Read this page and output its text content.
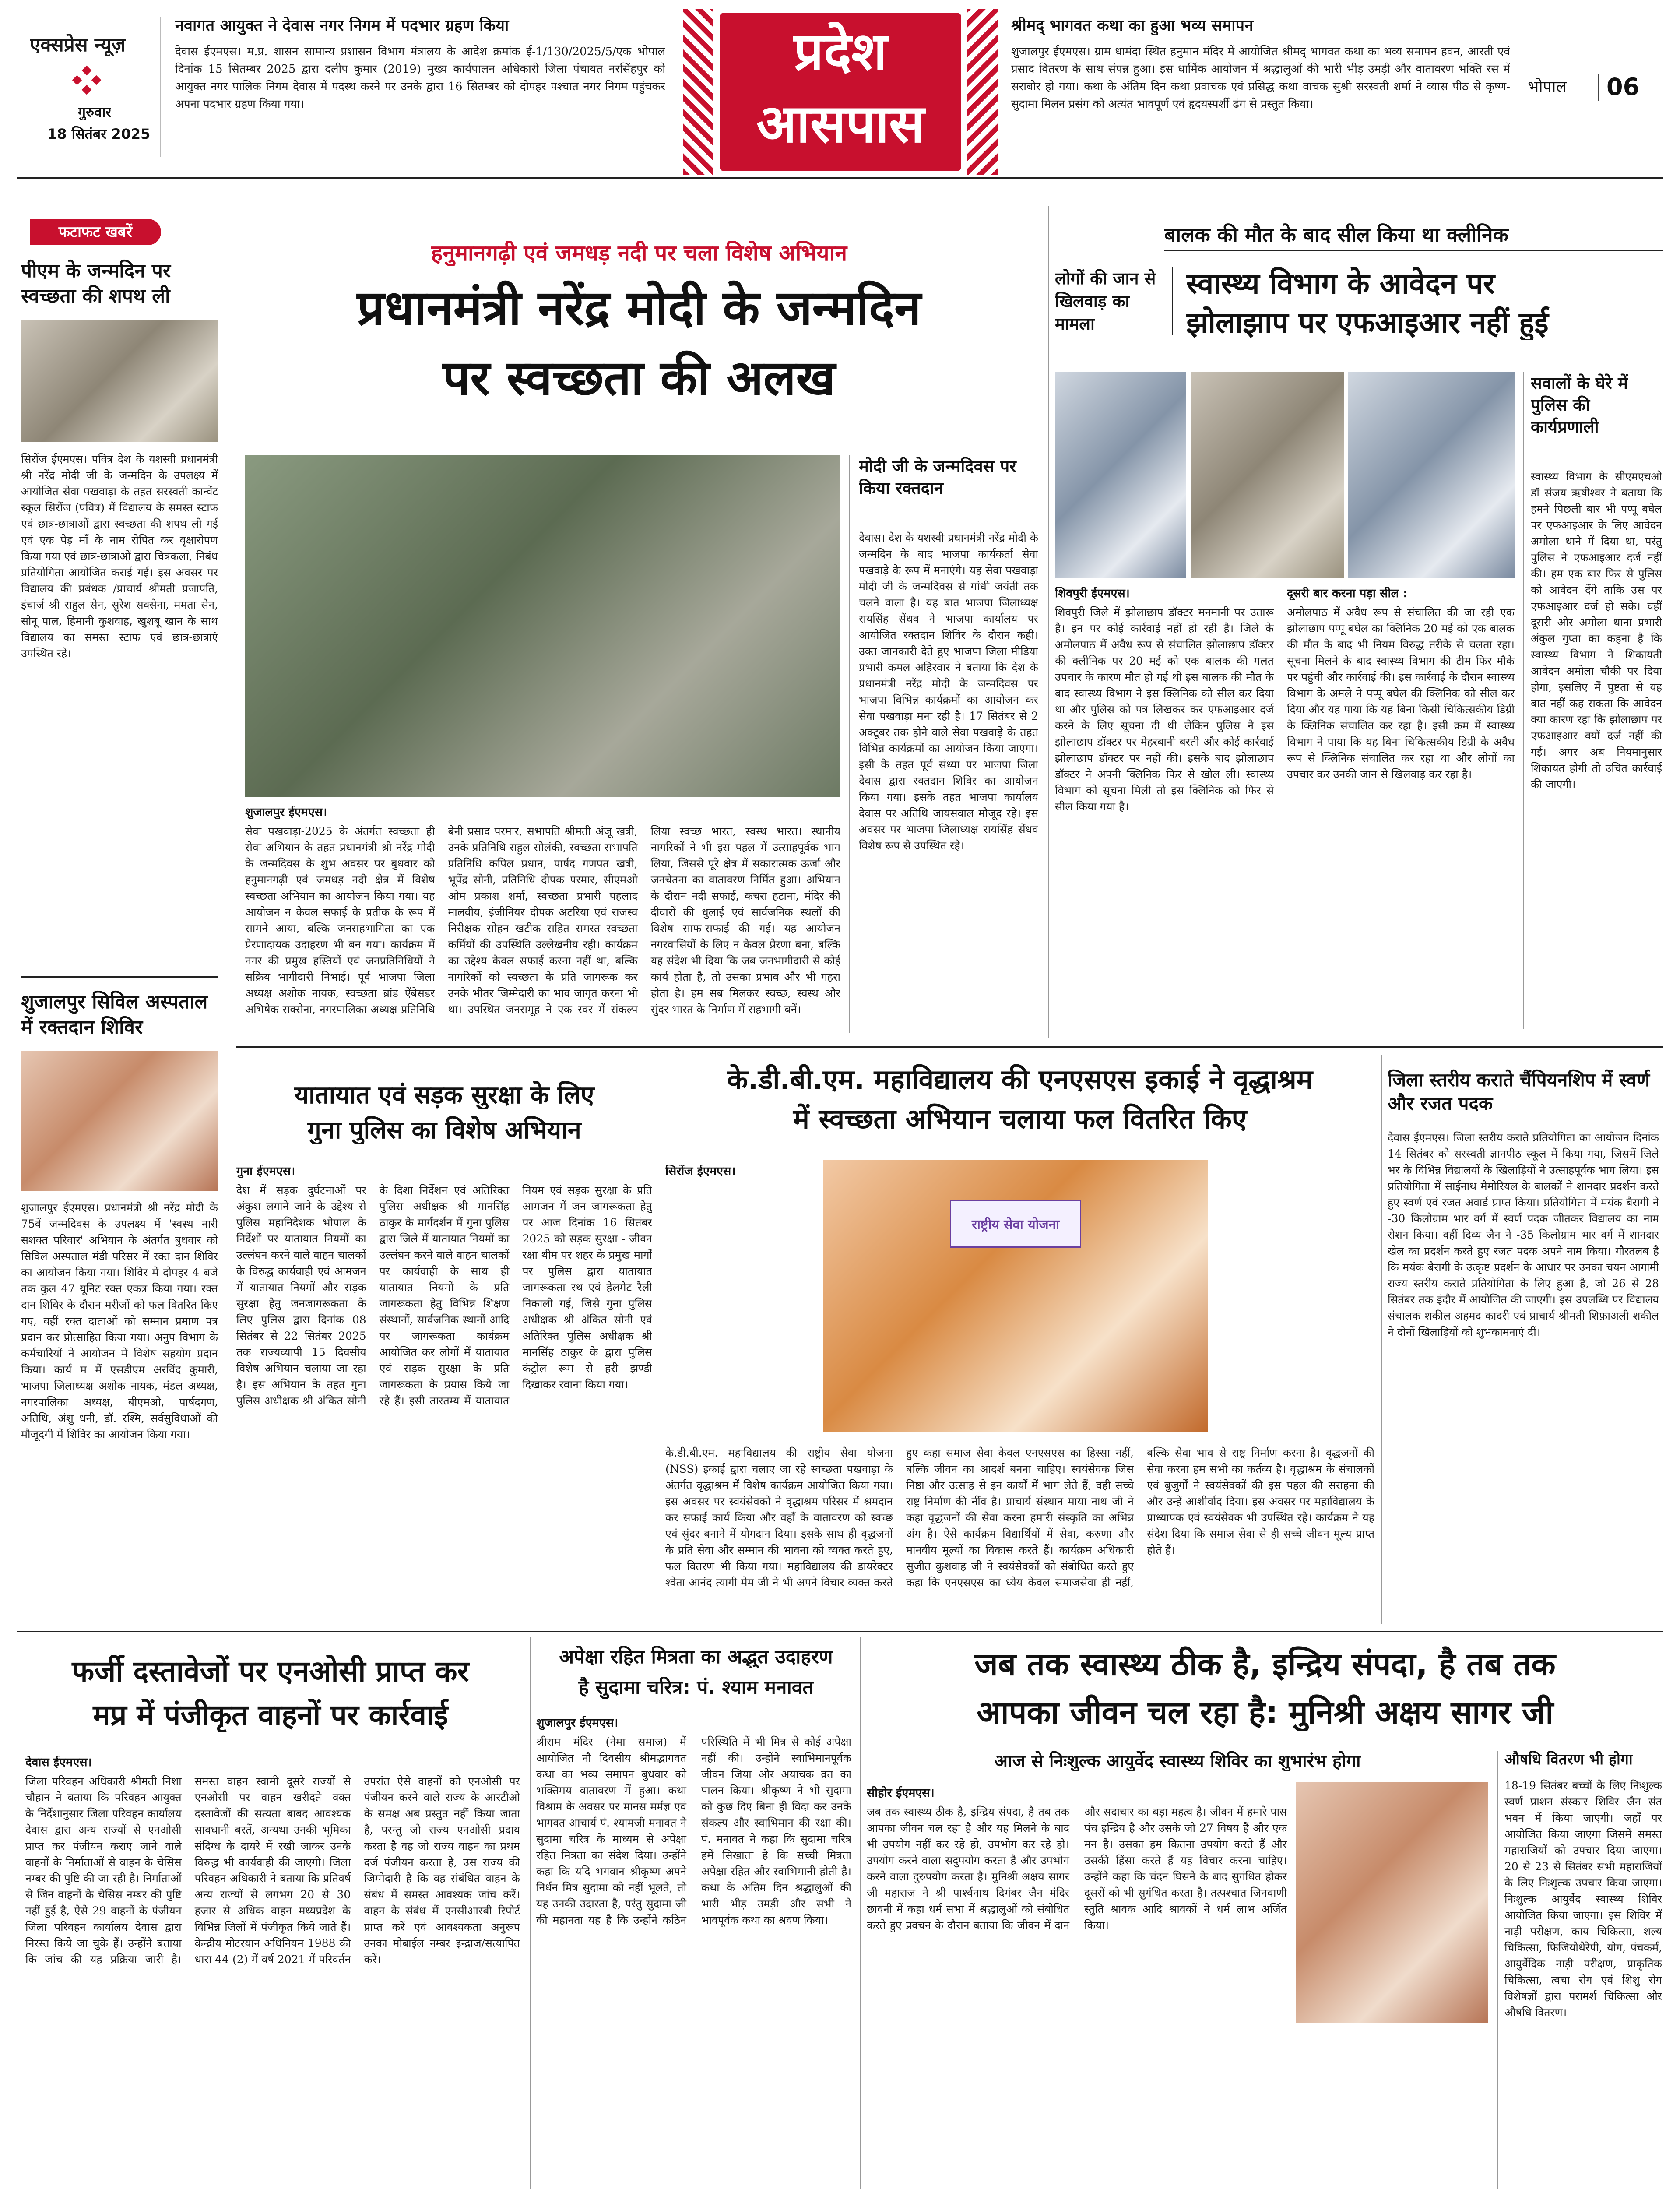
एक्सप्रेस न्यूज़
गुरुवार
18 सितंबर 2025
नवागत आयुक्त ने देवास नगर निगम में पदभार ग्रहण किया
देवास ईएमएस। म.प्र. शासन सामान्य प्रशासन विभाग मंत्रालय के आदेश क्रमांक ई-1/130/2025/5/एक भोपाल दिनांक 15 सितम्बर 2025 द्वारा दलीप कुमार (2019) मुख्य कार्यपालन अधिकारी जिला पंचायत नरसिंहपुर को आयुक्त नगर पालिक निगम देवास में पदस्थ करने पर उनके द्वारा 16 सितम्बर को दोपहर पश्चात नगर निगम पहुंचकर अपना पदभार ग्रहण किया गया।
प्रदेश
आसपास
श्रीमद् भागवत कथा का हुआ भव्य समापन
शुजालपुर ईएमएस। ग्राम धामंदा स्थित हनुमान मंदिर में आयोजित श्रीमद् भागवत कथा का भव्य समापन हवन, आरती एवं प्रसाद वितरण के साथ संपन्न हुआ। इस धार्मिक आयोजन में श्रद्धालुओं की भारी भीड़ उमड़ी और वातावरण भक्ति रस में सराबोर हो गया। कथा के अंतिम दिन कथा प्रवाचक एवं प्रसिद्ध कथा वाचक सुश्री सरस्वती शर्मा ने व्यास पीठ से कृष्ण-सुदामा मिलन प्रसंग को अत्यंत भावपूर्ण एवं हृदयस्पर्शी ढंग से प्रस्तुत किया।
भोपाल 06
फटाफट खबरें
पीएम के जन्मदिन पर स्वच्छता की शपथ ली
सिरोंज ईएमएस। पवित्र देश के यशस्वी प्रधानमंत्री श्री नरेंद्र मोदी जी के जन्मदिन के उपलक्ष्य में आयोजित सेवा पखवाड़ा के तहत सरस्वती कान्वेंट स्कूल सिरोंज (पवित्र) में विद्यालय के समस्त स्टाफ एवं छात्र-छात्राओं द्वारा स्वच्छता की शपथ ली गई एवं एक पेड़ माँ के नाम रोपित कर वृक्षारोपण किया गया एवं छात्र-छात्राओं द्वारा चित्रकला, निबंध प्रतियोगिता आयोजित कराई गई। इस अवसर पर विद्यालय की प्रबंधक /प्राचार्य श्रीमती प्रजापति, इंचार्ज श्री राहुल सेन, सुरेश सक्सेना, ममता सेन, सोनू पाल, हिमानी कुशवाह, खुशबू खान के साथ विद्यालय का समस्त स्टाफ एवं छात्र-छात्राएं उपस्थित रहे।
शुजालपुर सिविल अस्पताल में रक्तदान शिविर
शुजालपुर ईएमएस। प्रधानमंत्री श्री नरेंद्र मोदी के 75वें जन्मदिवस के उपलक्ष्य में 'स्वस्थ नारी सशक्त परिवार' अभियान के अंतर्गत बुधवार को सिविल अस्पताल मंडी परिसर में रक्त दान शिविर का आयोजन किया गया। शिविर में दोपहर 4 बजे तक कुल 47 यूनिट रक्त एकत्र किया गया। रक्त दान शिविर के दौरान मरीजों को फल वितरित किए गए, वहीं रक्त दाताओं को सम्मान प्रमाण पत्र प्रदान कर प्रोत्साहित किया गया। अनुप विभाग के कर्मचारियों ने आयोजन में विशेष सहयोग प्रदान किया। कार्य म में एसडीएम अरविंद कुमारी, भाजपा जिलाध्यक्ष अशोक नायक, मंडल अध्यक्ष, नगरपालिका अध्यक्ष, बीएमओ, पार्षदगण, अतिथि, अंशु धनी, डॉ. रश्मि, सर्वसुविधाओं की मौजूदगी में शिविर का आयोजन किया गया।
हनुमानगढ़ी एवं जमधड़ नदी पर चला विशेष अभियान
प्रधानमंत्री नरेंद्र मोदी के जन्मदिन
पर स्वच्छता की अलख
शुजालपुर ईएमएस।
सेवा पखवाड़ा-2025 के अंतर्गत स्वच्छता ही सेवा अभियान के तहत प्रधानमंत्री श्री नरेंद्र मोदी के जन्मदिवस के शुभ अवसर पर बुधवार को हनुमानगढ़ी एवं जमधड़ नदी क्षेत्र में विशेष स्वच्छता अभियान का आयोजन किया गया। यह आयोजन न केवल सफाई के प्रतीक के रूप में सामने आया, बल्कि जनसहभागिता का एक प्रेरणादायक उदाहरण भी बन गया। कार्यक्रम में नगर की प्रमुख हस्तियों एवं जनप्रतिनिधियों ने सक्रिय भागीदारी निभाई। पूर्व भाजपा जिला अध्यक्ष अशोक नायक, स्वच्छता ब्रांड ऐंबेसडर अभिषेक सक्सेना, नगरपालिका अध्यक्ष प्रतिनिधि बेनी प्रसाद परमार, सभापति श्रीमती अंजू खत्री, उनके प्रतिनिधि राहुल सोलंकी, स्वच्छता सभापति प्रतिनिधि कपिल प्रधान, पार्षद गणपत खत्री, भूपेंद्र सोनी, प्रतिनिधि दीपक परमार, सीएमओ ओम प्रकाश शर्मा, स्वच्छता प्रभारी पहलाद मालवीय, इंजीनियर दीपक अटरिया एवं राजस्व निरीक्षक सोहन खटीक सहित समस्त स्वच्छता कर्मियों की उपस्थिति उल्लेखनीय रही। कार्यक्रम का उद्देश्य केवल सफाई करना नहीं था, बल्कि नागरिकों को स्वच्छता के प्रति जागरूक कर उनके भीतर जिम्मेदारी का भाव जागृत करना भी था। उपस्थित जनसमूह ने एक स्वर में संकल्प लिया स्वच्छ भारत, स्वस्थ भारत। स्थानीय नागरिकों ने भी इस पहल में उत्साहपूर्वक भाग लिया, जिससे पूरे क्षेत्र में सकारात्मक ऊर्जा और जनचेतना का वातावरण निर्मित हुआ। अभियान के दौरान नदी सफाई, कचरा हटाना, मंदिर की दीवारों की धुलाई एवं सार्वजनिक स्थलों की विशेष साफ-सफाई की गई। यह आयोजन नगरवासियों के लिए न केवल प्रेरणा बना, बल्कि यह संदेश भी दिया कि जब जनभागीदारी से कोई कार्य होता है, तो उसका प्रभाव और भी गहरा होता है। हम सब मिलकर स्वच्छ, स्वस्थ और सुंदर भारत के निर्माण में सहभागी बनें।
मोदी जी के जन्मदिवस पर किया रक्तदान
देवास। देश के यशस्वी प्रधानमंत्री नरेंद्र मोदी के जन्मदिन के बाद भाजपा कार्यकर्ता सेवा पखवाड़े के रूप में मनाएंगे। यह सेवा पखवाड़ा मोदी जी के जन्मदिवस से गांधी जयंती तक चलने वाला है। यह बात भाजपा जिलाध्यक्ष रायसिंह सेंधव ने भाजपा कार्यालय पर आयोजित रक्तदान शिविर के दौरान कही। उक्त जानकारी देते हुए भाजपा जिला मीडिया प्रभारी कमल अहिरवार ने बताया कि देश के प्रधानमंत्री नरेंद्र मोदी के जन्मदिवस पर भाजपा विभिन्न कार्यक्रमों का आयोजन कर सेवा पखवाड़ा मना रही है। 17 सितंबर से 2 अक्टूबर तक होने वाले सेवा पखवाड़े के तहत विभिन्न कार्यक्रमों का आयोजन किया जाएगा। इसी के तहत पूर्व संध्या पर भाजपा जिला देवास द्वारा रक्तदान शिविर का आयोजन किया गया। इसके तहत भाजपा कार्यालय देवास पर अतिथि जायसवाल मौजूद रहे। इस अवसर पर भाजपा जिलाध्यक्ष रायसिंह सेंधव विशेष रूप से उपस्थित रहे।
बालक की मौत के बाद सील किया था क्लीनिक
लोगों की जान से खिलवाड़ का मामला
स्वास्थ्य विभाग के आवेदन पर
झोलाझाप पर एफआइआर नहीं हुई
शिवपुरी ईएमएस।
शिवपुरी जिले में झोलाछाप डॉक्टर मनमानी पर उतारू है। इन पर कोई कार्रवाई नहीं हो रही है। जिले के अमोलपाठ में अवैध रूप से संचालित झोलाछाप डॉक्टर की क्लीनिक पर 20 मई को एक बालक की गलत उपचार के कारण मौत हो गई थी इस बालक की मौत के बाद स्वास्थ्य विभाग ने इस क्लिनिक को सील कर दिया था और पुलिस को पत्र लिखकर कर एफआइआर दर्ज करने के लिए सूचना दी थी लेकिन पुलिस ने इस झोलाछाप डॉक्टर पर मेहरबानी बरती और कोई कार्रवाई झोलाछाप डॉक्टर पर नहीं की। इसके बाद झोलाछाप डॉक्टर ने अपनी क्लिनिक फिर से खोल ली। स्वास्थ्य विभाग को सूचना मिली तो इस क्लिनिक को फिर से सील किया गया है।
दूसरी बार करना पड़ा सील :
अमोलपाठ में अवैध रूप से संचालित की जा रही एक झोलाछाप पप्पू बघेल का क्लिनिक 20 मई को एक बालक की मौत के बाद भी नियम विरुद्ध तरीके से चलता रहा। सूचना मिलने के बाद स्वास्थ्य विभाग की टीम फिर मौके पर पहुंची और कार्रवाई की। इस कार्रवाई के दौरान स्वास्थ्य विभाग के अमले ने पप्पू बघेल की क्लिनिक को सील कर दिया और यह पाया कि यह बिना किसी चिकित्सकीय डिग्री के क्लिनिक संचालित कर रहा है। इसी क्रम में स्वास्थ्य विभाग ने पाया कि यह बिना चिकित्सकीय डिग्री के अवैध रूप से क्लिनिक संचालित कर रहा था और लोगों का उपचार कर उनकी जान से खिलवाड़ कर रहा है।
सवालों के घेरे में पुलिस की कार्यप्रणाली
स्वास्थ्य विभाग के सीएमएचओ डॉ संजय ऋषीश्वर ने बताया कि हमने पिछली बार भी पप्पू बघेल पर एफआइआर के लिए आवेदन अमोला थाने में दिया था, परंतु पुलिस ने एफआइआर दर्ज नहीं की। हम एक बार फिर से पुलिस को आवेदन देंगे ताकि उस पर एफआइआर दर्ज हो सके। वहीं दूसरी ओर अमोला थाना प्रभारी अंकुल गुप्ता का कहना है कि स्वास्थ्य विभाग ने शिकायती आवेदन अमोला चौकी पर दिया होगा, इसलिए मैं पुष्टता से यह बात नहीं कह सकता कि आवेदन क्या कारण रहा कि झोलाछाप पर एफआइआर क्यों दर्ज नहीं की गई। अगर अब नियमानुसार शिकायत होगी तो उचित कार्रवाई की जाएगी।
यातायात एवं सड़क सुरक्षा के लिए
गुना पुलिस का विशेष अभियान
गुना ईएमएस।
देश में सड़क दुर्घटनाओं पर अंकुश लगाने जाने के उद्देश्य से पुलिस महानिदेशक भोपाल के निर्देशों पर यातायात नियमों का उल्लंघन करने वाले वाहन चालकों के विरुद्ध कार्यवाही एवं आमजन में यातायात नियमों और सड़क सुरक्षा हेतु जनजागरूकता के लिए पुलिस द्वारा दिनांक 08 सितंबर से 22 सितंबर 2025 तक राज्यव्यापी 15 दिवसीय विशेष अभियान चलाया जा रहा है। इस अभियान के तहत गुना पुलिस अधीक्षक श्री अंकित सोनी के दिशा निर्देशन एवं अतिरिक्त पुलिस अधीक्षक श्री मानसिंह ठाकुर के मार्गदर्शन में गुना पुलिस द्वारा जिले में यातायात नियमों का उल्लंघन करने वाले वाहन चालकों पर कार्यवाही के साथ ही यातायात नियमों के प्रति जागरूकता हेतु विभिन्न शिक्षण संस्थानों, सार्वजनिक स्थानों आदि पर जागरूकता कार्यक्रम आयोजित कर लोगों में यातायात एवं सड़क सुरक्षा के प्रति जागरूकता के प्रयास किये जा रहे हैं। इसी तारतम्य में यातायात नियम एवं सड़क सुरक्षा के प्रति आमजन में जन जागरूकता हेतु पर आज दिनांक 16 सितंबर 2025 को सड़क सुरक्षा - जीवन रक्षा थीम पर शहर के प्रमुख मार्गों पर पुलिस द्वारा यातायात जागरूकता रथ एवं हेलमेट रैली निकाली गई, जिसे गुना पुलिस अधीक्षक श्री अंकित सोनी एवं अतिरिक्त पुलिस अधीक्षक श्री मानसिंह ठाकुर के द्वारा पुलिस कंट्रोल रूम से हरी झण्डी दिखाकर रवाना किया गया।
के.डी.बी.एम. महाविद्यालय की एनएसएस इकाई ने वृद्धाश्रम
में स्वच्छता अभियान चलाया फल वितरित किए
सिरोंज ईएमएस।
राष्ट्रीय सेवा योजना
के.डी.बी.एम. महाविद्यालय की राष्ट्रीय सेवा योजना (NSS) इकाई द्वारा चलाए जा रहे स्वच्छता पखवाड़ा के अंतर्गत वृद्धाश्रम में विशेष कार्यक्रम आयोजित किया गया। इस अवसर पर स्वयंसेवकों ने वृद्धाश्रम परिसर में श्रमदान कर सफाई कार्य किया और वहाँ के वातावरण को स्वच्छ एवं सुंदर बनाने में योगदान दिया। इसके साथ ही वृद्धजनों के प्रति सेवा और सम्मान की भावना को व्यक्त करते हुए, फल वितरण भी किया गया। महाविद्यालय की डायरेक्टर श्वेता आनंद त्यागी मेम जी ने भी अपने विचार व्यक्त करते हुए कहा समाज सेवा केवल एनएसएस का हिस्सा नहीं, बल्कि जीवन का आदर्श बनना चाहिए। स्वयंसेवक जिस निष्ठा और उत्साह से इन कार्यों में भाग लेते हैं, वही सच्चे राष्ट्र निर्माण की नींव है। प्राचार्य संस्थान माया नाथ जी ने कहा वृद्धजनों की सेवा करना हमारी संस्कृति का अभिन्न अंग है। ऐसे कार्यक्रम विद्यार्थियों में सेवा, करुणा और मानवीय मूल्यों का विकास करते हैं। कार्यक्रम अधिकारी सुजीत कुशवाह जी ने स्वयंसेवकों को संबोधित करते हुए कहा कि एनएसएस का ध्येय केवल समाजसेवा ही नहीं, बल्कि सेवा भाव से राष्ट्र निर्माण करना है। वृद्धजनों की सेवा करना हम सभी का कर्तव्य है। वृद्धाश्रम के संचालकों एवं बुजुर्गों ने स्वयंसेवकों की इस पहल की सराहना की और उन्हें आशीर्वाद दिया। इस अवसर पर महाविद्यालय के प्राध्यापक एवं स्वयंसेवक भी उपस्थित रहे। कार्यक्रम ने यह संदेश दिया कि समाज सेवा से ही सच्चे जीवन मूल्य प्राप्त होते हैं।
जिला स्तरीय कराते चैंपियनशिप में स्वर्ण और रजत पदक
देवास ईएमएस। जिला स्तरीय कराते प्रतियोगिता का आयोजन दिनांक 14 सितंबर को सरस्वती ज्ञानपीठ स्कूल में किया गया, जिसमें जिले भर के विभिन्न विद्यालयों के खिलाड़ियों ने उत्साहपूर्वक भाग लिया। इस प्रतियोगिता में साईनाथ मैमोरियल के बालकों ने शानदार प्रदर्शन करते हुए स्वर्ण एवं रजत अवार्ड प्राप्त किया। प्रतियोगिता में मयंक बैरागी ने -30 किलोग्राम भार वर्ग में स्वर्ण पदक जीतकर विद्यालय का नाम रोशन किया। वहीं दिव्य जैन ने -35 किलोग्राम भार वर्ग में शानदार खेल का प्रदर्शन करते हुए रजत पदक अपने नाम किया। गौरतलब है कि मयंक बैरागी के उत्कृष्ट प्रदर्शन के आधार पर उनका चयन आगामी राज्य स्तरीय कराते प्रतियोगिता के लिए हुआ है, जो 26 से 28 सितंबर तक इंदौर में आयोजित की जाएगी। इस उपलब्धि पर विद्यालय संचालक शकील अहमद कादरी एवं प्राचार्य श्रीमती शिफ़ाअली शकील ने दोनों खिलाड़ियों को शुभकामनाएं दीं।
फर्जी दस्तावेजों पर एनओसी प्राप्त कर
मप्र में पंजीकृत वाहनों पर कार्रवाई
देवास ईएमएस।
जिला परिवहन अधिकारी श्रीमती निशा चौहान ने बताया कि परिवहन आयुक्त के निर्देशानुसार जिला परिवहन कार्यालय देवास द्वारा अन्य राज्यों से एनओसी प्राप्त कर पंजीयन कराए जाने वाले वाहनों के निर्माताओं से वाहन के चेसिस नम्बर की पुष्टि की जा रही है। निर्माताओं से जिन वाहनों के चेसिस नम्बर की पुष्टि नहीं हुई है, ऐसे 29 वाहनों के पंजीयन जिला परिवहन कार्यालय देवास द्वारा निरस्त किये जा चुके हैं। उन्होंने बताया कि जांच की यह प्रक्रिया जारी है। समस्त वाहन स्वामी दूसरे राज्यों से एनओसी पर वाहन खरीदते वक्त दस्तावेजों की सत्यता बाबद आवश्यक सावधानी बरतें, अन्यथा उनकी भूमिका संदिग्ध के दायरे में रखी जाकर उनके विरुद्ध भी कार्यवाही की जाएगी। जिला परिवहन अधिकारी ने बताया कि प्रतिवर्ष अन्य राज्यों से लगभग 20 से 30 हजार से अधिक वाहन मध्यप्रदेश के विभिन्न जिलों में पंजीकृत किये जाते हैं। केन्द्रीय मोटरयान अधिनियम 1988 की धारा 44 (2) में वर्ष 2021 में परिवर्तन उपरांत ऐसे वाहनों को एनओसी पर पंजीयन करने वाले राज्य के आरटीओ के समक्ष अब प्रस्तुत नहीं किया जाता है, परन्तु जो राज्य एनओसी प्रदाय करता है वह जो राज्य वाहन का प्रथम दर्ज पंजीयन करता है, उस राज्य की जिम्मेदारी है कि वह संबंधित वाहन के संबंध में समस्त आवश्यक जांच करें। वाहन के संबंध में एनसीआरबी रिपोर्ट प्राप्त करें एवं आवश्यकता अनुरूप उनका मोबाईल नम्बर इन्द्राज/सत्यापित करें।
अपेक्षा रहित मित्रता का अद्भुत उदाहरण
है सुदामा चरित्र: पं. श्याम मनावत
शुजालपुर ईएमएस।
श्रीराम मंदिर (नेमा समाज) में आयोजित नौ दिवसीय श्रीमद्भागवत कथा का भव्य समापन बुधवार को भक्तिमय वातावरण में हुआ। कथा विश्राम के अवसर पर मानस मर्मज्ञ एवं भागवत आचार्य पं. श्यामजी मनावत ने सुदामा चरित्र के माध्यम से अपेक्षा रहित मित्रता का संदेश दिया। उन्होंने कहा कि यदि भगवान श्रीकृष्ण अपने निर्धन मित्र सुदामा को नहीं भूलते, तो यह उनकी उदारता है, परंतु सुदामा जी की महानता यह है कि उन्होंने कठिन परिस्थिति में भी मित्र से कोई अपेक्षा नहीं की। उन्होंने स्वाभिमानपूर्वक जीवन जिया और अयाचक व्रत का पालन किया। श्रीकृष्ण ने भी सुदामा को कुछ दिए बिना ही विदा कर उनके संकल्प और स्वाभिमान की रक्षा की। पं. मनावत ने कहा कि सुदामा चरित्र हमें सिखाता है कि सच्ची मित्रता अपेक्षा रहित और स्वाभिमानी होती है। कथा के अंतिम दिन श्रद्धालुओं की भारी भीड़ उमड़ी और सभी ने भावपूर्वक कथा का श्रवण किया।
जब तक स्वास्थ्य ठीक है, इन्द्रिय संपदा, है तब तक
आपका जीवन चल रहा है: मुनिश्री अक्षय सागर जी
आज से निःशुल्क आयुर्वेद स्वास्थ्य शिविर का शुभारंभ होगा
सीहोर ईएमएस।
जब तक स्वास्थ्य ठीक है, इन्द्रिय संपदा, है तब तक आपका जीवन चल रहा है और यह मिलने के बाद भी उपयोग नहीं कर रहे हो, उपभोग कर रहे हो। उपयोग करने वाला सदुपयोग करता है और उपभोग करने वाला दुरुपयोग करता है। मुनिश्री अक्षय सागर जी महाराज ने श्री पार्श्वनाथ दिगंबर जैन मंदिर छावनी में कहा धर्म सभा में श्रद्धालुओं को संबोधित करते हुए प्रवचन के दौरान बताया कि जीवन में दान और सदाचार का बड़ा महत्व है। जीवन में हमारे पास पंच इन्द्रिय है और उसके जो 27 विषय हैं और एक मन है। उसका हम कितना उपयोग करते हैं और उसकी हिंसा करते हैं यह विचार करना चाहिए। उन्होंने कहा कि चंदन घिसने के बाद सुगंधित होकर दूसरों को भी सुगंधित करता है। तत्पश्चात जिनवाणी स्तुति श्रावक आदि श्रावकों ने धर्म लाभ अर्जित किया।
औषधि वितरण भी होगा
18-19 सितंबर बच्चों के लिए निःशुल्क स्वर्ण प्राशन संस्कार शिविर जैन संत भवन में किया जाएगी। जहाँ पर आयोजित किया जाएगा जिसमें समस्त महाराजियों को उपचार दिया जाएगा। 20 से 23 से सितंबर सभी महाराजियों के लिए निःशुल्क उपचार किया जाएगा। निःशुल्क आयुर्वेद स्वास्थ्य शिविर आयोजित किया जाएगा। इस शिविर में नाड़ी परीक्षण, काय चिकित्सा, शल्य चिकित्सा, फिजियोथेरेपी, योग, पंचकर्म, आयुर्वेदिक नाड़ी परीक्षण, प्राकृतिक चिकित्सा, त्वचा रोग एवं शिशु रोग विशेषज्ञों द्वारा परामर्श चिकित्सा और औषधि वितरण।
